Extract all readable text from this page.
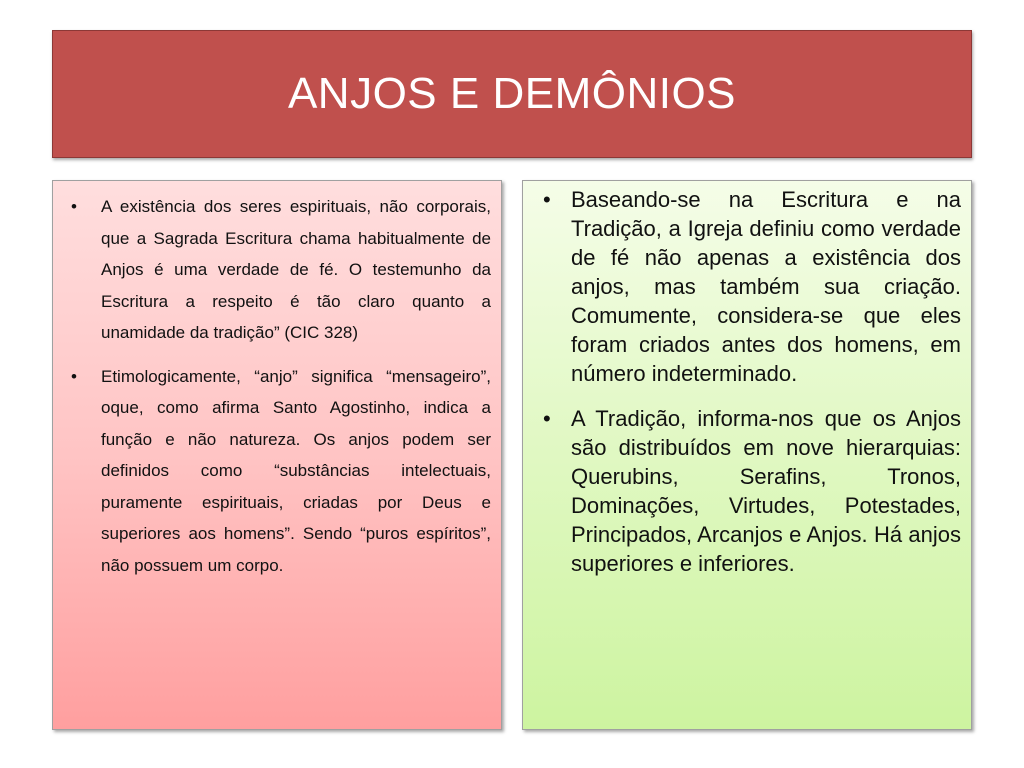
ANJOS E DEMÔNIOS
• A existência dos seres espirituais, não corporais, que a Sagrada Escritura chama habitualmente de Anjos é uma verdade de fé. O testemunho da Escritura a respeito é tão claro quanto a unamidade da tradição” (CIC 328)
• Etimologicamente, “anjo” significa “mensageiro”, oque, como afirma Santo Agostinho, indica a função e não natureza. Os anjos podem ser definidos como “substâncias intelectuais, puramente espirituais, criadas por Deus e superiores aos homens”. Sendo “puros espíritos”, não possuem um corpo.
• Baseando-se na Escritura e na Tradição, a Igreja definiu como verdade de fé não apenas a existência dos anjos, mas também sua criação. Comumente, considera-se que eles foram criados antes dos homens, em número indeterminado.
• A Tradição, informa-nos que os Anjos são distribuídos em nove hierarquias: Querubins, Serafins, Tronos, Dominações, Virtudes, Potestades, Principados, Arcanjos e Anjos. Há anjos superiores e inferiores.
